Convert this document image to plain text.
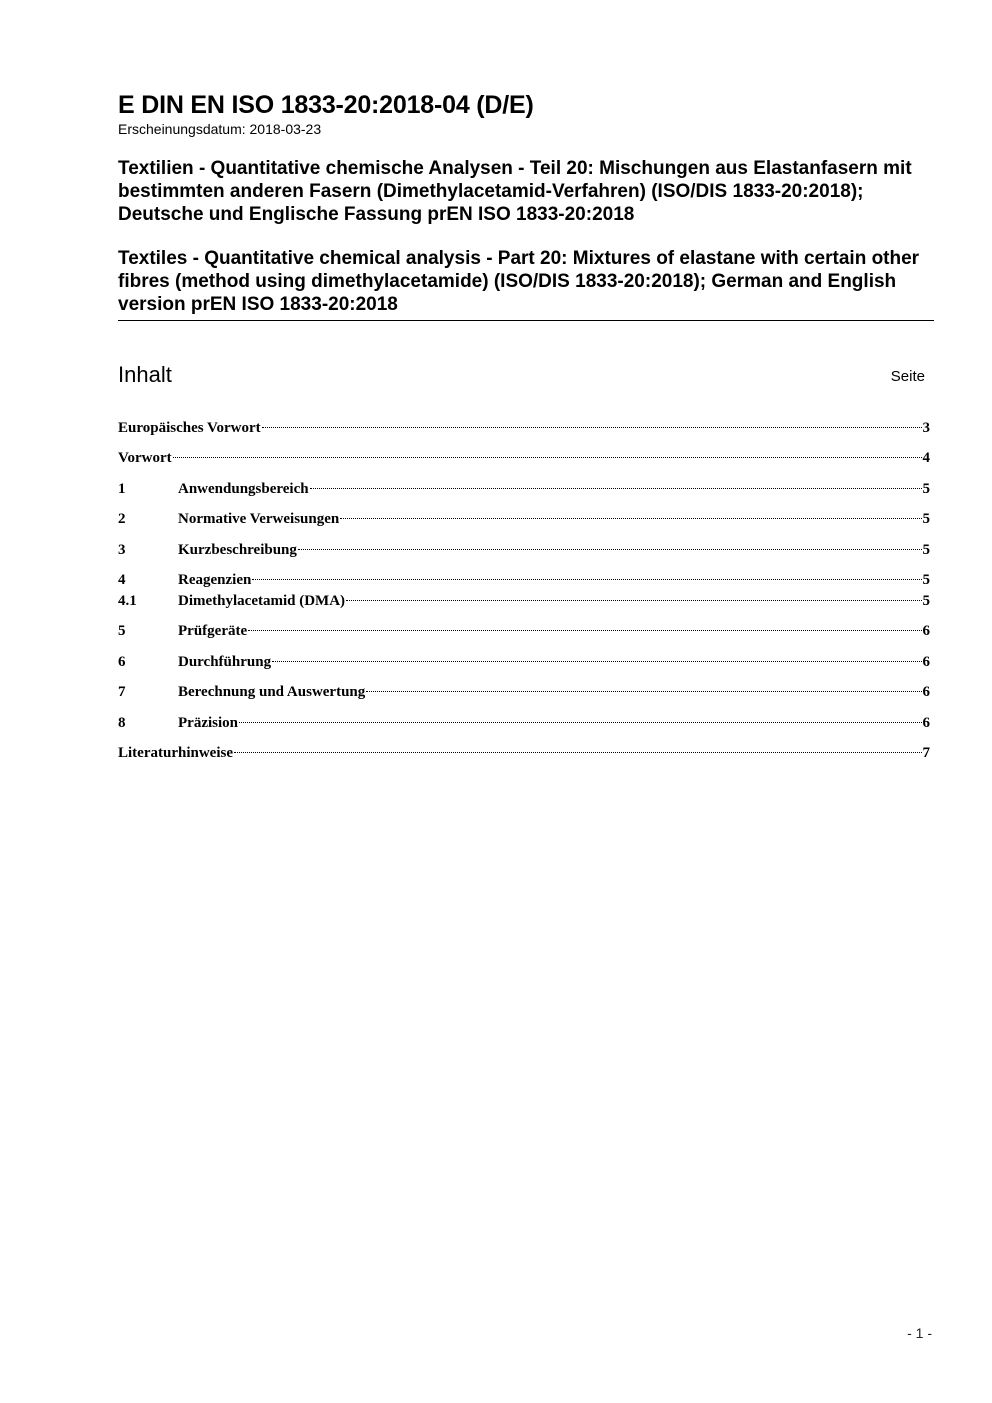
E DIN EN ISO 1833-20:2018-04 (D/E)

Erscheinungsdatum: 2018-03-23

Textilien - Quantitative chemische Analysen - Teil 20: Mischungen aus Elastanfasern mit bestimmten anderen Fasern (Dimethylacetamid-Verfahren) (ISO/DIS 1833-20:2018); Deutsche und Englische Fassung prEN ISO 1833-20:2018

Textiles - Quantitative chemical analysis - Part 20: Mixtures of elastane with certain other fibres (method using dimethylacetamide) (ISO/DIS 1833-20:2018); German and English version prEN ISO 1833-20:2018

Inhalt	Seite
Europäisches Vorwort	3
Vorwort	4
1	Anwendungsbereich	5
2	Normative Verweisungen	5
3	Kurzbeschreibung	5
4	Reagenzien	5
4.1	Dimethylacetamid (DMA)	5
5	Prüfgeräte	6
6	Durchführung	6
7	Berechnung und Auswertung	6
8	Präzision	6
Literaturhinweise	7
- 1 -
